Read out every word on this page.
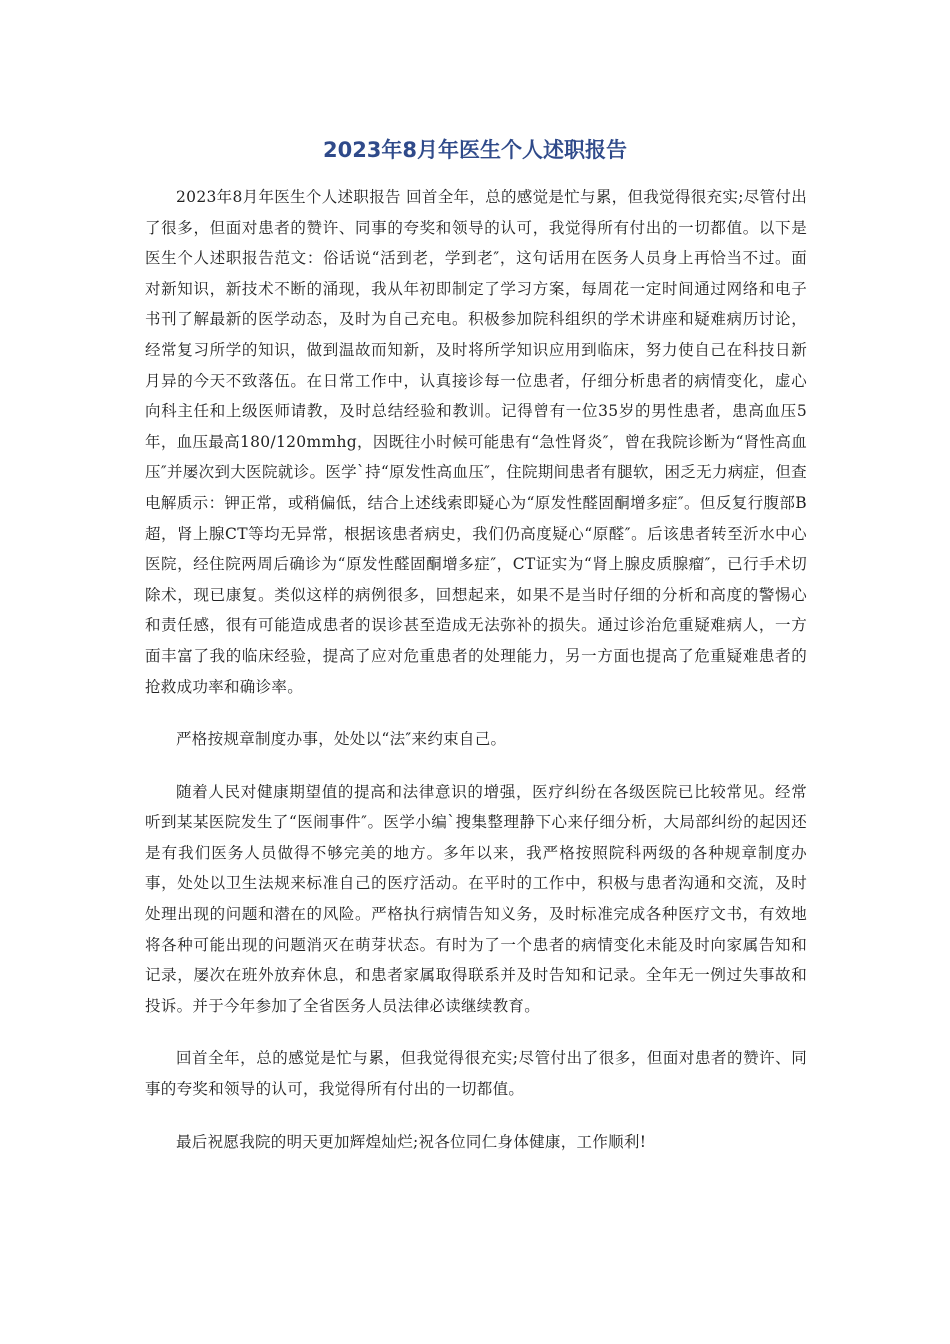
2023年8月年医生个人述职报告

2023年8月年医生个人述职报告 回首全年，总的感觉是忙与累，但我觉得很充实;尽管付出了很多，但面对患者的赞许、同事的夸奖和领导的认可，我觉得所有付出的一切都值。以下是医生个人述职报告范文：俗话说“活到老，学到老″，这句话用在医务人员身上再恰当不过。面对新知识，新技术不断的涌现，我从年初即制定了学习方案，每周花一定时间通过网络和电子书刊了解最新的医学动态，及时为自己充电。积极参加院科组织的学术讲座和疑难病历讨论，经常复习所学的知识，做到温故而知新，及时将所学知识应用到临床，努力使自己在科技日新月异的今天不致落伍。在日常工作中，认真接诊每一位患者，仔细分析患者的病情变化，虚心向科主任和上级医师请教，及时总结经验和教训。记得曾有一位35岁的男性患者，患高血压5年，血压最高180/120mmhg，因既往小时候可能患有“急性肾炎″，曾在我院诊断为“肾性高血压″并屡次到大医院就诊。医学`持“原发性高血压″，住院期间患者有腿软，困乏无力病症，但查电解质示：钾正常，或稍偏低，结合上述线索即疑心为“原发性醛固酮增多症″。但反复行腹部B超，肾上腺CT等均无异常，根据该患者病史，我们仍高度疑心“原醛″。后该患者转至沂水中心医院，经住院两周后确诊为“原发性醛固酮增多症″，CT证实为“肾上腺皮质腺瘤″，已行手术切除术，现已康复。类似这样的病例很多，回想起来，如果不是当时仔细的分析和高度的警惕心和责任感，很有可能造成患者的误诊甚至造成无法弥补的损失。通过诊治危重疑难病人，一方面丰富了我的临床经验，提高了应对危重患者的处理能力，另一方面也提高了危重疑难患者的抢救成功率和确诊率。

严格按规章制度办事，处处以“法″来约束自己。

随着人民对健康期望值的提高和法律意识的增强，医疗纠纷在各级医院已比较常见。经常听到某某医院发生了“医闹事件″。医学小编`搜集整理静下心来仔细分析，大局部纠纷的起因还是有我们医务人员做得不够完美的地方。多年以来，我严格按照院科两级的各种规章制度办事，处处以卫生法规来标准自己的医疗活动。在平时的工作中，积极与患者沟通和交流，及时处理出现的问题和潜在的风险。严格执行病情告知义务，及时标准完成各种医疗文书，有效地将各种可能出现的问题消灭在萌芽状态。有时为了一个患者的病情变化未能及时向家属告知和记录，屡次在班外放弃休息，和患者家属取得联系并及时告知和记录。全年无一例过失事故和投诉。并于今年参加了全省医务人员法律必读继续教育。

回首全年，总的感觉是忙与累，但我觉得很充实;尽管付出了很多，但面对患者的赞许、同事的夸奖和领导的认可，我觉得所有付出的一切都值。

最后祝愿我院的明天更加辉煌灿烂;祝各位同仁身体健康，工作顺利!
